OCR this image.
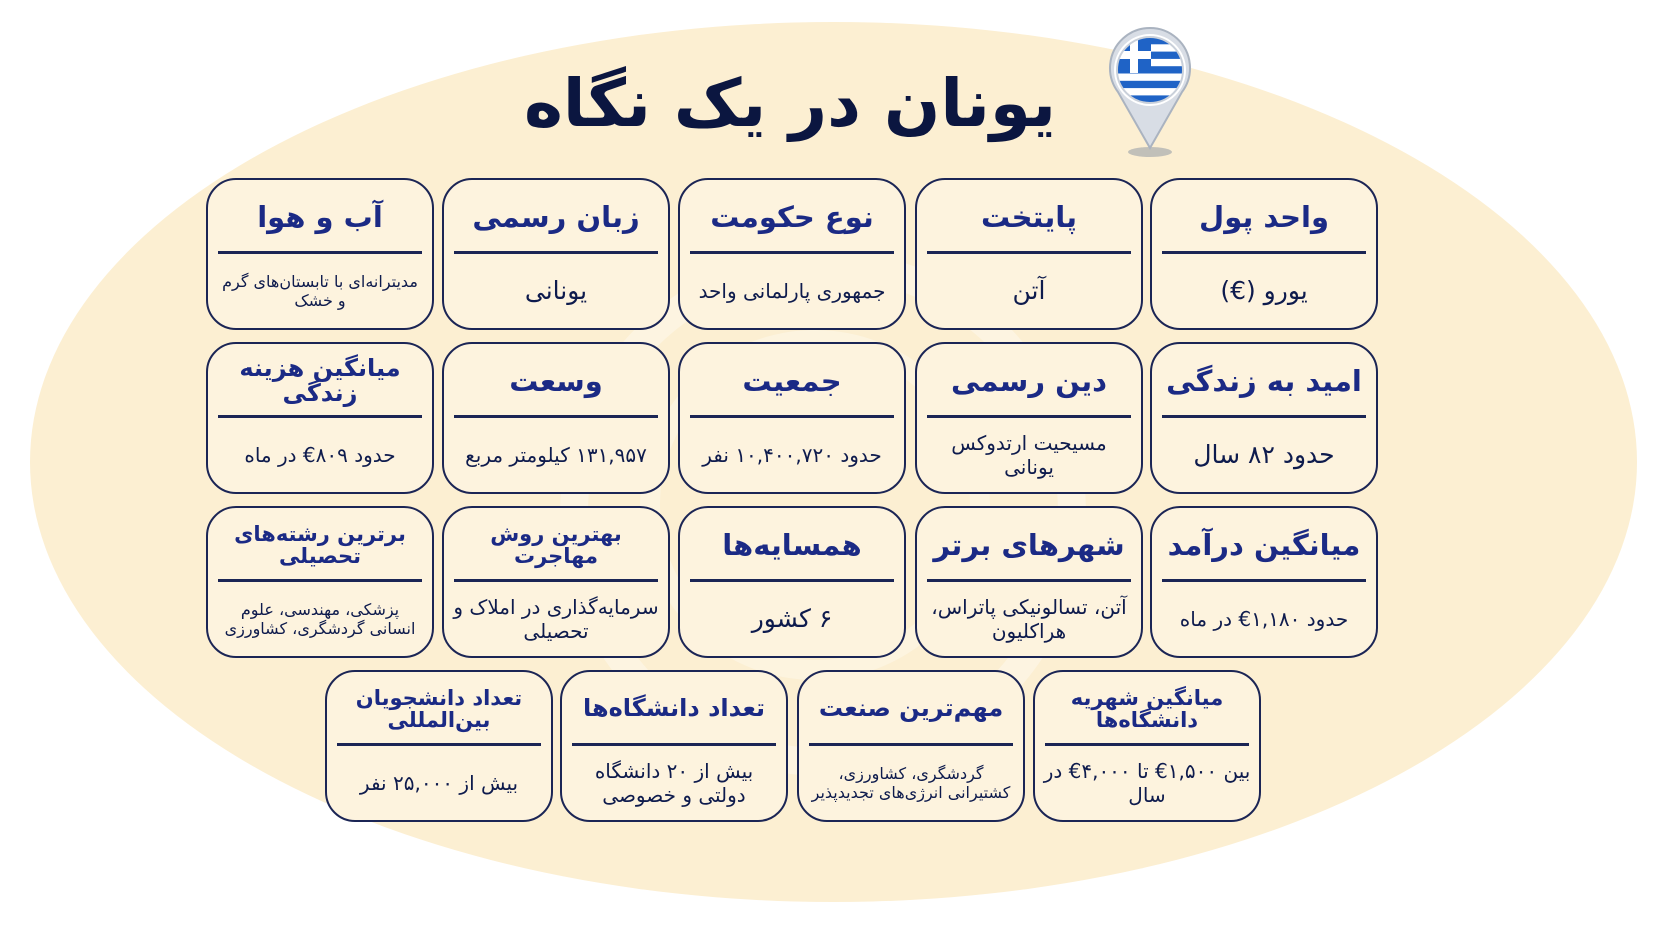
یونان در یک نگاه
واحد پول
یورو (€)
پایتخت
آتن
نوع حکومت
جمهوری پارلمانی واحد
زبان رسمی
یونانی
آب و هوا
مدیترانه‌ای با تابستان‌های گرم و خشک
امید به زندگی
حدود ۸۲ سال
دین رسمی
مسیحیت ارتدوکس یونانی
جمعیت
حدود ۱۰,۴۰۰,۷۲۰ نفر
وسعت
۱۳۱,۹۵۷ کیلومتر مربع
میانگین هزینه زندگی
حدود ۸۰۹€ در ماه
میانگین درآمد
حدود ۱,۱۸۰€ در ماه
شهرهای برتر
آتن، تسالونیکی پاتراس، هراکلیون
همسایه‌ها
۶ کشور
بهترین روش مهاجرت
سرمایه‌گذاری در املاک و تحصیلی
برترین رشته‌های تحصیلی
پزشکی، مهندسی، علوم انسانی گردشگری، کشاورزی
میانگین شهریه دانشگاه‌ها
بین ۱,۵۰۰€ تا ۴,۰۰۰€ در سال
مهم‌ترین صنعت
گردشگری، کشاورزی، کشتیرانی انرژی‌های تجدیدپذیر
تعداد دانشگاه‌ها
بیش از ۲۰ دانشگاه دولتی و خصوصی
تعداد دانشجویان بین‌المللی
بیش از ۲۵,۰۰۰ نفر
